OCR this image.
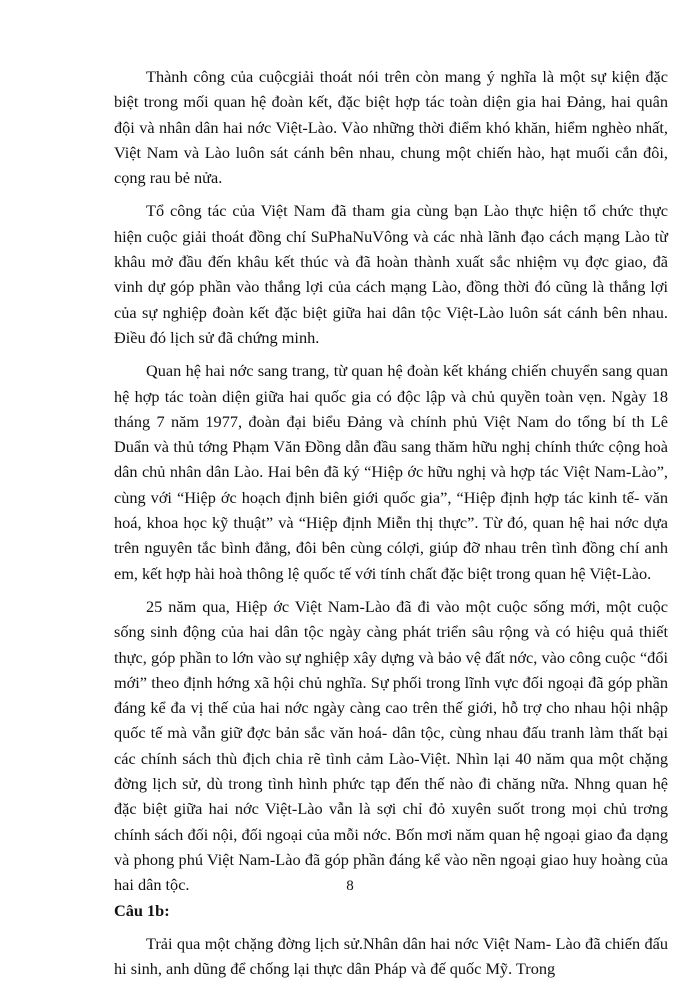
Thành công của cuộcgiải thoát nói trên còn mang ý nghĩa là một sự kiện đặc biệt trong mối quan hệ đoàn kết, đặc biệt hợp tác toàn diện gia hai Đảng, hai quân đội và nhân dân hai nớc Việt-Lào. Vào những thời điểm khó khăn, hiểm nghèo nhất, Việt Nam và Lào luôn sát cánh bên nhau, chung một chiến hào, hạt muối cắn đôi, cọng rau bẻ nửa.

Tổ công tác của Việt Nam đã tham gia cùng bạn Lào thực hiện tổ chức thực hiện cuộc giải thoát đồng chí SuPhaNuVông và các nhà lãnh đạo cách mạng Lào từ khâu mở đầu đến khâu kết thúc và đã hoàn thành xuất sắc nhiệm vụ đợc giao, đã vinh dự góp phần vào thắng lợi của cách mạng Lào, đồng thời đó cũng là thắng lợi của sự nghiệp đoàn kết đặc biệt giữa hai dân tộc Việt-Lào luôn sát cánh bên nhau. Điều đó lịch sử đã chứng minh.

Quan hệ hai nớc sang trang, từ quan hệ đoàn kết kháng chiến chuyển sang quan hệ hợp tác toàn diện giữa hai quốc gia có độc lập và chủ quyền toàn vẹn. Ngày 18 tháng 7 năm 1977, đoàn đại biểu Đảng và chính phủ Việt Nam do tổng bí th Lê Duẩn và thủ tớng Phạm Văn Đồng dẫn đầu sang thăm hữu nghị chính thức cộng hoà dân chủ nhân dân Lào. Hai bên đã ký “Hiệp ớc hữu nghị và hợp tác Việt Nam-Lào”, cùng với “Hiệp ớc hoạch định biên giới quốc gia”, “Hiệp định hợp tác kinh tế- văn hoá, khoa học kỹ thuật” và “Hiệp định Miễn thị thực”. Từ đó, quan hệ hai nớc dựa trên nguyên tắc bình đẳng, đôi bên cùng cólợi, giúp đỡ nhau trên tình đồng chí anh em, kết hợp hài hoà thông lệ quốc tế với tính chất đặc biệt trong quan hệ Việt-Lào.

25 năm qua, Hiệp ớc Việt Nam-Lào đã đi vào một cuộc sống mới, một cuộc sống sinh động của hai dân tộc ngày càng phát triển sâu rộng và có hiệu quả thiết thực, góp phần to lớn vào sự nghiệp xây dựng và bảo vệ đất nớc, vào công cuộc “đổi mới” theo định hớng xã hội chủ nghĩa. Sự phối trong lĩnh vực đối ngoại đã góp phần đáng kể đa vị thế của hai nớc ngày càng cao trên thế giới, hỗ trợ cho nhau hội nhập quốc tế mà vẫn giữ đợc bản sắc văn hoá- dân tộc, cùng nhau đấu tranh làm thất bại các chính sách thù địch chia rẽ tình cảm Lào-Việt. Nhìn lại 40 năm qua một chặng đờng lịch sử, dù trong tình hình phức tạp đến thế nào đi chăng nữa. Nhng quan hệ đặc biệt giữa hai nớc Việt-Lào vẫn là sợi chỉ đỏ xuyên suốt trong mọi chủ trơng chính sách đối nội, đối ngoại của mỗi nớc. Bốn mơi năm quan hệ ngoại giao đa dạng và phong phú Việt Nam-Lào đã góp phần đáng kể vào nền ngoại giao huy hoàng của hai dân tộc.

Câu 1b:

Trải qua một chặng đờng lịch sử.Nhân dân hai nớc Việt Nam- Lào đã chiến đấu hi sinh, anh dũng để chống lại thực dân Pháp và đế quốc Mỹ. Trong

8
